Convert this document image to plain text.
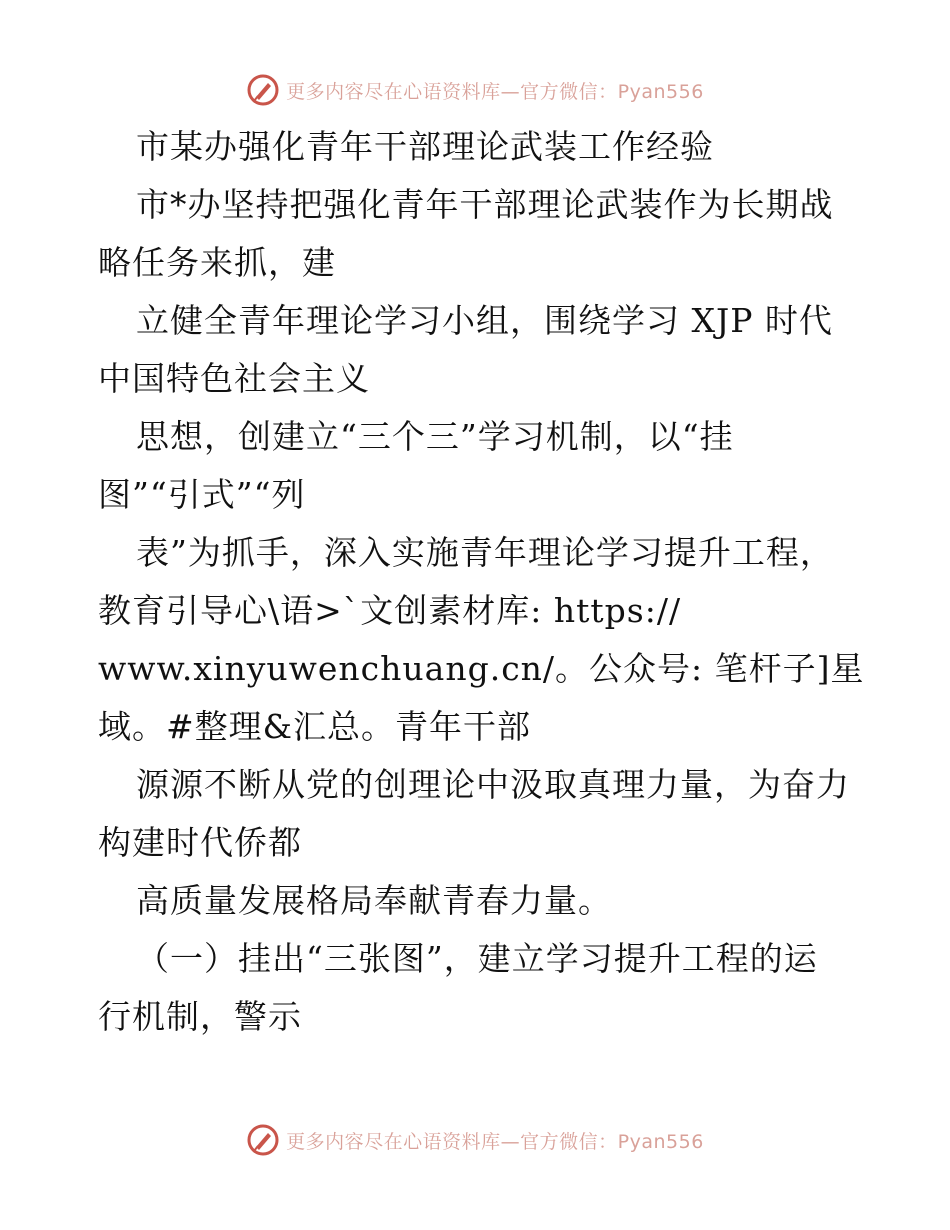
更多内容尽在心语资料库—官方微信：Pyan556
市某办强化青年干部理论武装工作经验
市*办坚持把强化青年干部理论武装作为长期战
略任务来抓，建
立健全青年理论学习小组，围绕学习 XJP 时代
中国特色社会主义
思想，创建立“三个三”学习机制，以“挂
图”“引式”“列
表”为抓手，深入实施青年理论学习提升工程，
教育引导心\语>`文创素材库: https://
www.xinyuwenchuang.cn/。公众号: 笔杆子]星
域。#整理&汇总。青年干部
源源不断从党的创理论中汲取真理力量，为奋力
构建时代侨都
高质量发展格局奉献青春力量。
（一）挂出“三张图”，建立学习提升工程的运
行机制，警示
更多内容尽在心语资料库—官方微信：Pyan556
